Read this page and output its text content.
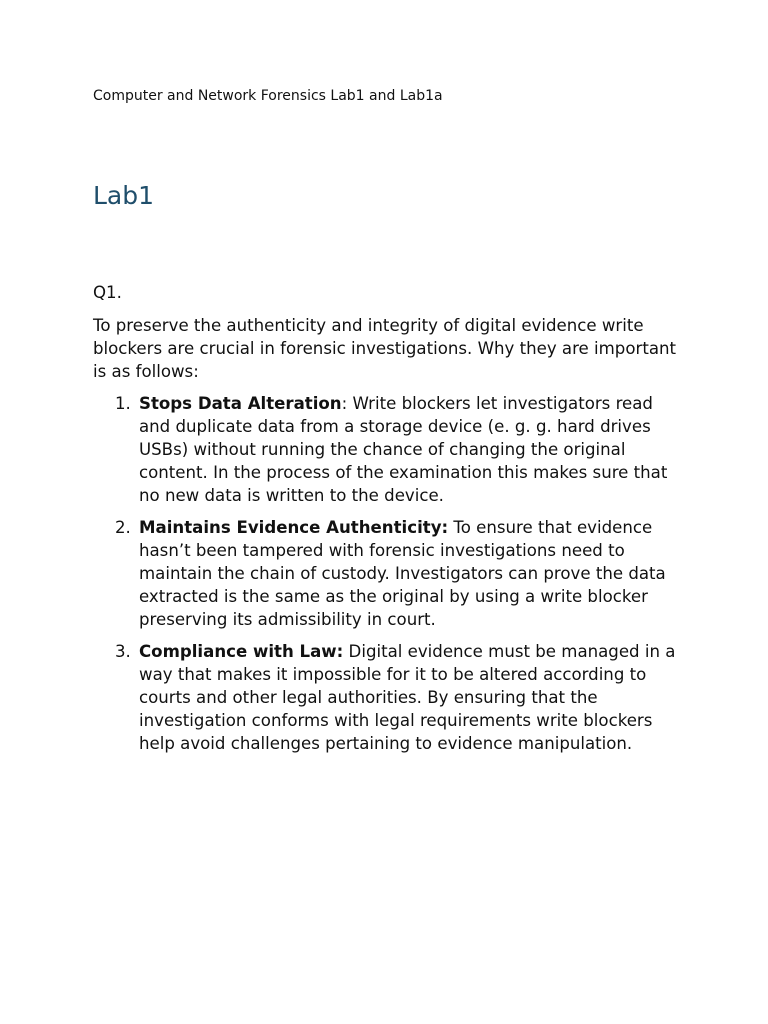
Computer and Network Forensics Lab1 and Lab1a
Lab1

Q1.

To preserve the authenticity and integrity of digital evidence write blockers are crucial in forensic investigations. Why they are important is as follows:

1. Stops Data Alteration: Write blockers let investigators read and duplicate data from a storage device (e. g. g. hard drives USBs) without running the chance of changing the original content. In the process of the examination this makes sure that no new data is written to the device.
2. Maintains Evidence Authenticity: To ensure that evidence hasn’t been tampered with forensic investigations need to maintain the chain of custody. Investigators can prove the data extracted is the same as the original by using a write blocker preserving its admissibility in court.
3. Compliance with Law: Digital evidence must be managed in a way that makes it impossible for it to be altered according to courts and other legal authorities. By ensuring that the investigation conforms with legal requirements write blockers help avoid challenges pertaining to evidence manipulation.
